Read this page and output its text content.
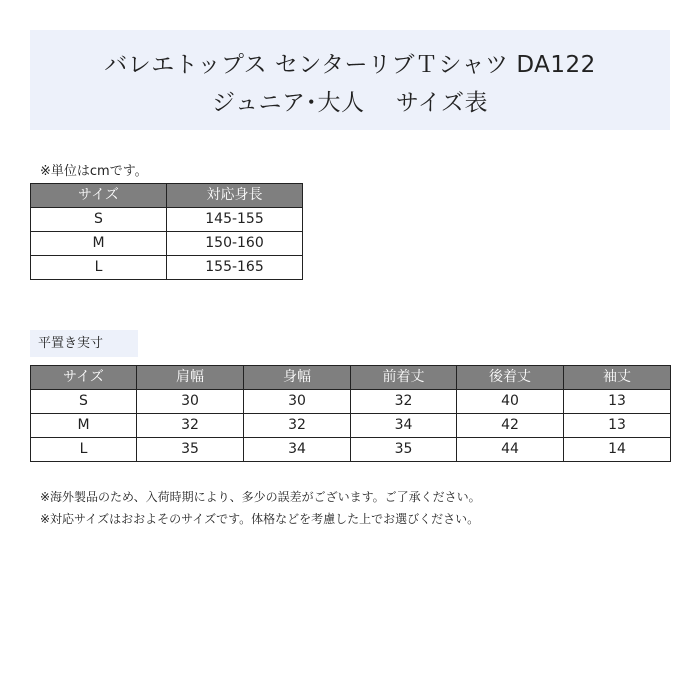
バレエトップス センターリブＴシャツ DA122
ジュニア･大人　 サイズ表
※単位はcmです。
サイズ	対応身長
S	145-155
M	150-160
L	155-165
平置き実寸
サイズ	肩幅	身幅	前着丈	後着丈	袖丈
S	30	30	32	40	13
M	32	32	34	42	13
L	35	34	35	44	14
※海外製品のため、入荷時期により、多少の誤差がございます。ご了承ください。
※対応サイズはおおよそのサイズです。体格などを考慮した上でお選びください。
